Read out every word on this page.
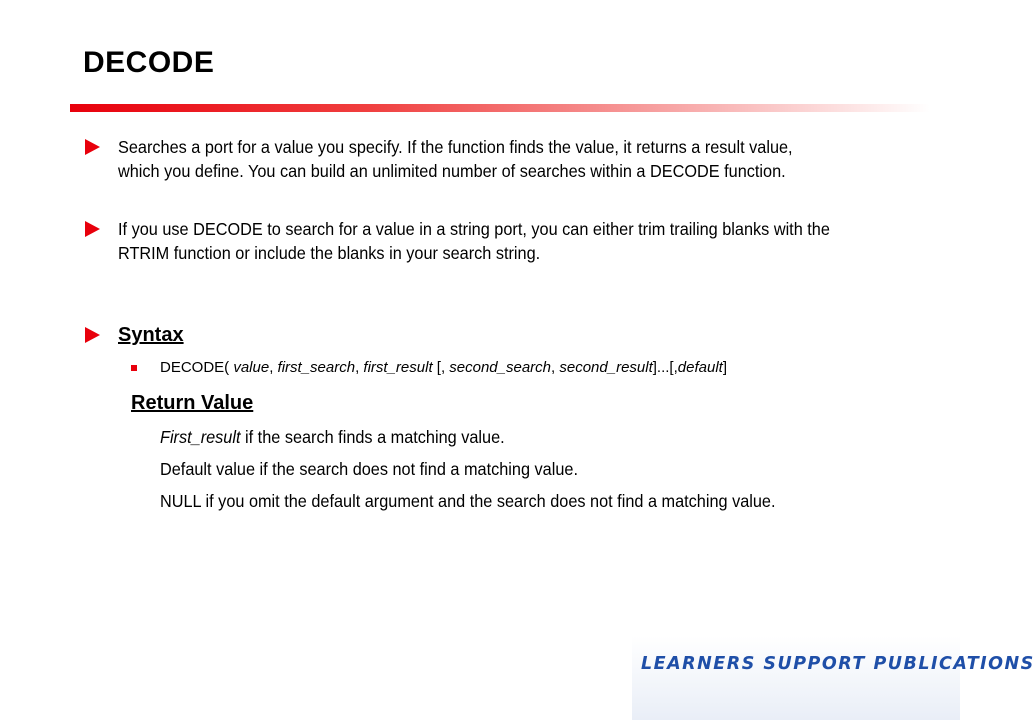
DECODE
Searches a port for a value you specify. If the function finds the value, it returns a result value, which you define. You can build an unlimited number of searches within a DECODE function.
If you use DECODE to search for a value in a string port, you can either trim trailing blanks with the RTRIM function or include the blanks in your search string.
Syntax
DECODE( value, first_search, first_result [, second_search, second_result]...[,default]
Return Value
First_result if the search finds a matching value.
Default value if the search does not find a matching value.
NULL if you omit the default argument and the search does not find a matching value.
LEARNERS SUPPORT PUBLICATIONS
